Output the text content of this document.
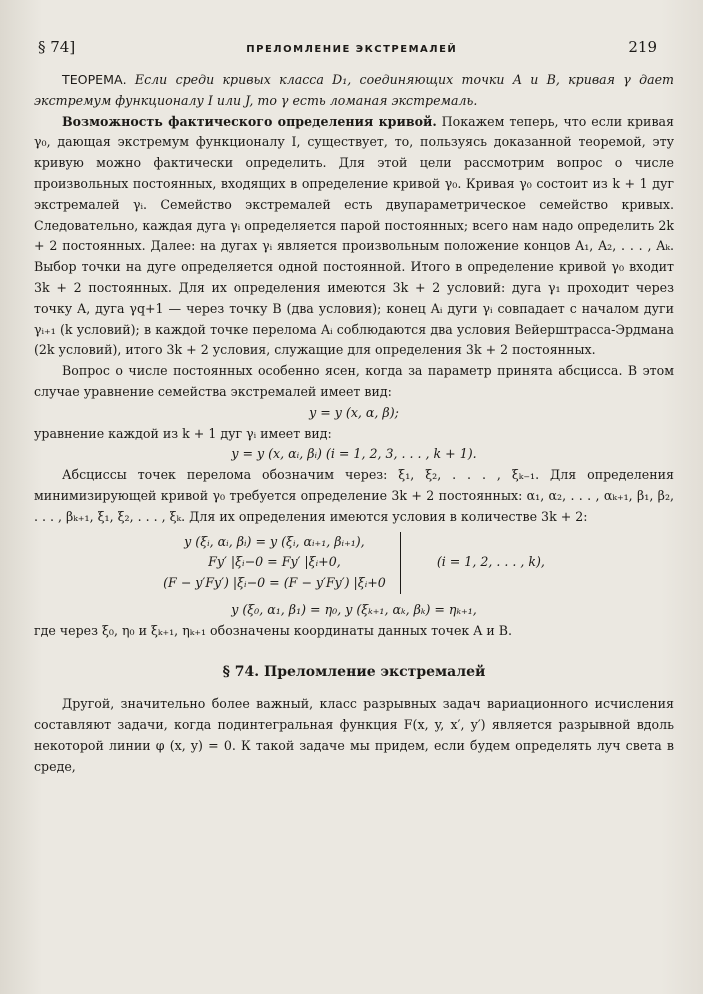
§ 74]	ПРЕЛОМЛЕНИЕ ЭКСТРЕМАЛЕЙ	219

ТЕОРЕМА. Если среди кривых класса D₁, соединяющих точки A и B, кривая γ дает экстремум функционалу I или J, то γ есть ломаная экстремаль.

Возможность фактического определения кривой. Покажем теперь, что если кривая γ₀, дающая экстремум функционалу I, существует, то, пользуясь доказанной теоремой, эту кривую можно фактически определить. Для этой цели рассмотрим вопрос о числе произвольных постоянных, входящих в определение кривой γ₀. Кривая γ₀ состоит из k + 1 дуг экстремалей γᵢ. Семейство экстремалей есть двупараметрическое семейство кривых. Следовательно, каждая дуга γᵢ определяется парой постоянных; всего нам надо определить 2k + 2 постоянных. Далее: на дугах γᵢ является произвольным положение концов A₁, A₂, . . . , Aₖ. Выбор точки на дуге определяется одной постоянной. Итого в определение кривой γ₀ входит 3k + 2 постоянных. Для их определения имеются 3k + 2 условий: дуга γ₁ проходит через точку A, дуга γq+1 — через точку B (два условия); конец Aᵢ дуги γᵢ совпадает с началом дуги γᵢ₊₁ (k условий); в каждой точке перелома Aᵢ соблюдаются два условия Вейерштрасса-Эрдмана (2k условий), итого 3k + 2 условия, служащие для определения 3k + 2 постоянных.

Вопрос о числе постоянных особенно ясен, когда за параметр принята абсцисса. В этом случае уравнение семейства экстремалей имеет вид:

y = y (x, α, β);

уравнение каждой из k + 1 дуг γᵢ имеет вид:

y = y (x, αᵢ, βᵢ) (i = 1, 2, 3, . . . , k + 1).

Абсциссы точек перелома обозначим через: ξ₁, ξ₂, . . . , ξₖ₋₁. Для определения минимизирующей кривой γ₀ требуется определение 3k + 2 постоянных: α₁, α₂, . . . , αₖ₊₁, β₁, β₂, . . . , βₖ₊₁, ξ₁, ξ₂, . . . , ξₖ. Для их определения имеются условия в количестве 3k + 2:

y (ξᵢ, αᵢ, βᵢ) = y (ξᵢ, αᵢ₊₁, βᵢ₊₁),
Fy′ |ξᵢ−0 = Fy′ |ξᵢ+0,
(F − y′Fy′) |ξᵢ−0 = (F − y′Fy′) |ξᵢ+0
(i = 1, 2, . . . , k),

y (ξ₀, α₁, β₁) = η₀, y (ξₖ₊₁, αₖ, βₖ) = ηₖ₊₁,

где через ξ₀, η₀ и ξₖ₊₁, ηₖ₊₁ обозначены координаты данных точек A и B.

§ 74. Преломление экстремалей

Другой, значительно более важный, класс разрывных задач вариационного исчисления составляют задачи, когда подинтегральная функция F(x, y, x′, y′) является разрывной вдоль некоторой линии φ (x, y) = 0. К такой задаче мы придем, если будем определять луч света в среде,
